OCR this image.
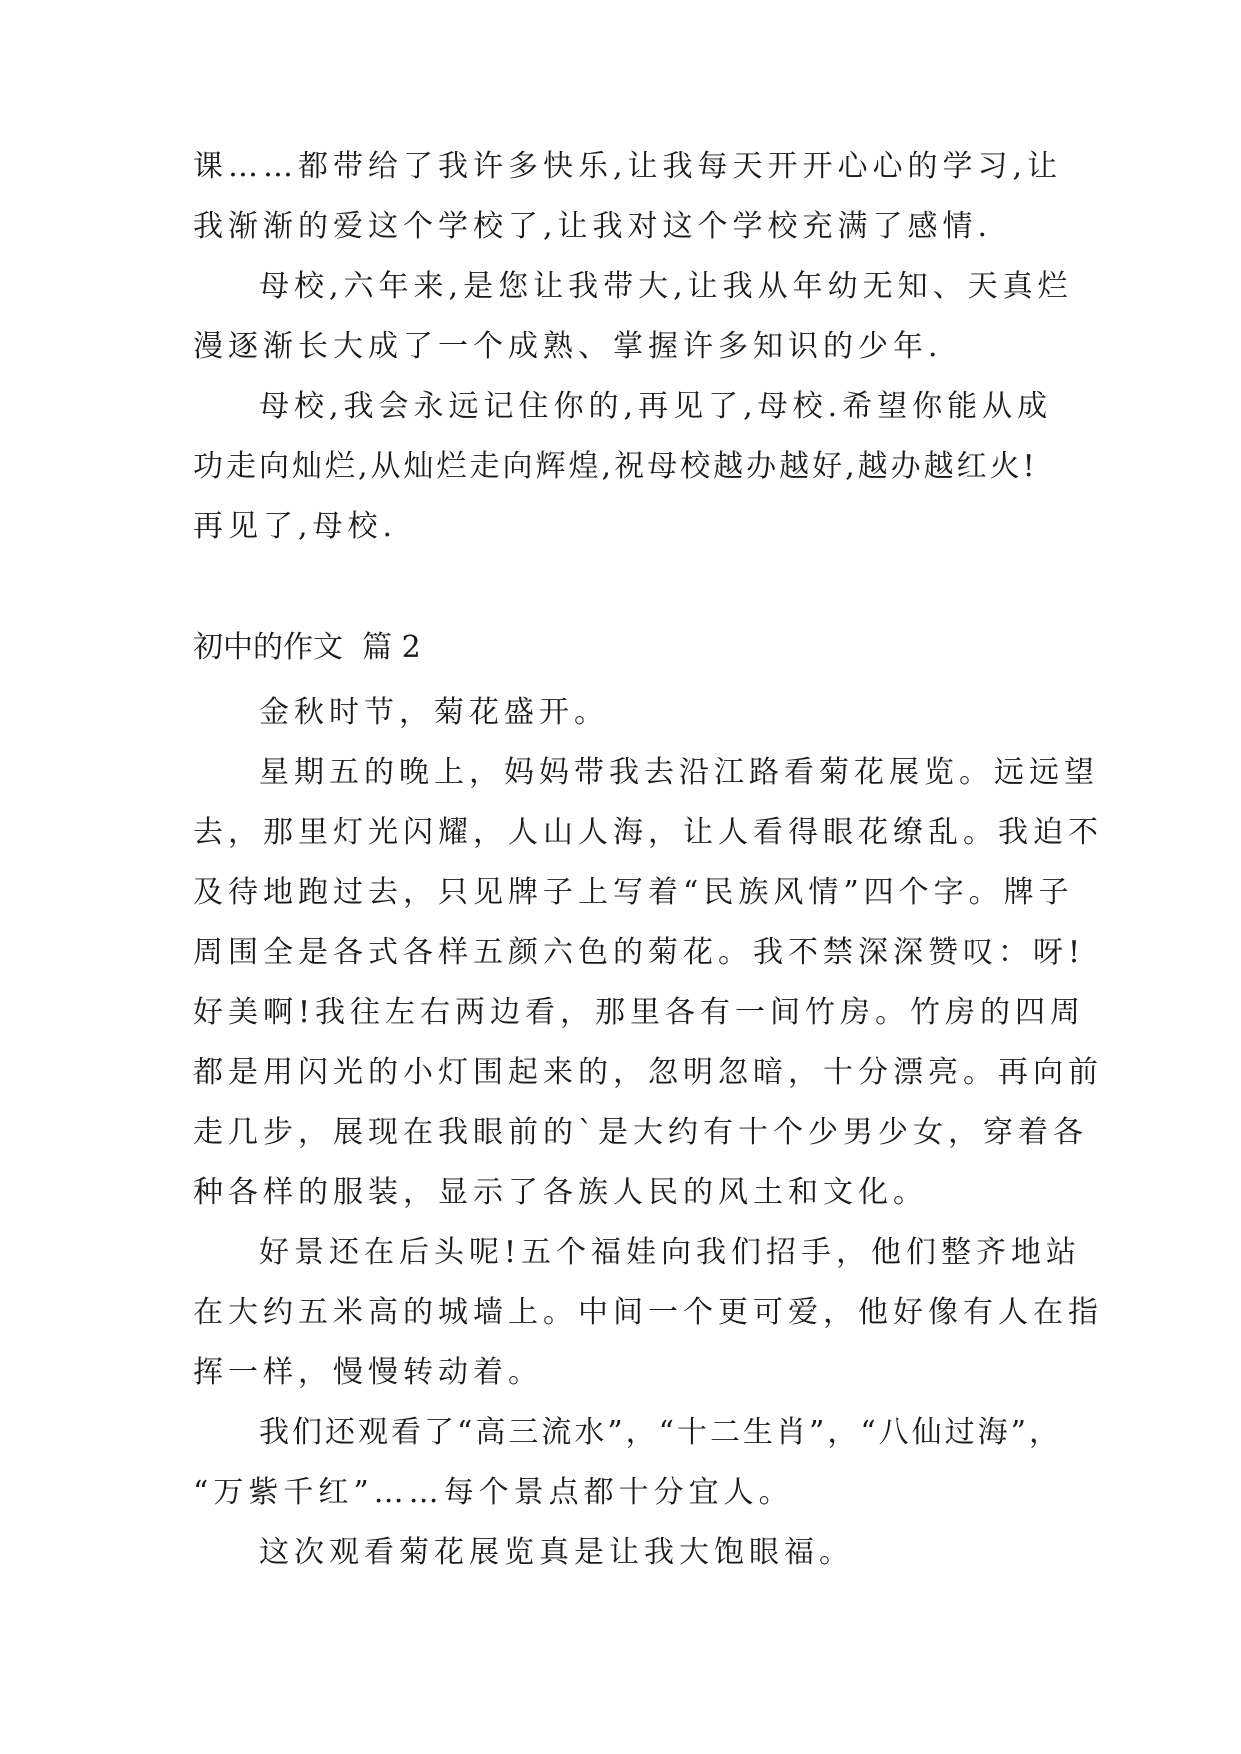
课……都带给了我许多快乐,让我每天开开心心的学习,让
我渐渐的爱这个学校了,让我对这个学校充满了感情.
母校,六年来,是您让我带大,让我从年幼无知、天真烂
漫逐渐长大成了一个成熟、掌握许多知识的少年.
母校,我会永远记住你的,再见了,母校.希望你能从成
功走向灿烂,从灿烂走向辉煌,祝母校越办越好,越办越红火!
再见了,母校.
初中的作文  篇 2
金秋时节，菊花盛开。
星期五的晚上，妈妈带我去沿江路看菊花展览。远远望
去，那里灯光闪耀，人山人海，让人看得眼花缭乱。我迫不
及待地跑过去，只见牌子上写着“民族风情”四个字。牌子
周围全是各式各样五颜六色的菊花。我不禁深深赞叹：呀!
好美啊!我往左右两边看，那里各有一间竹房。竹房的四周
都是用闪光的小灯围起来的，忽明忽暗，十分漂亮。再向前
走几步，展现在我眼前的`是大约有十个少男少女，穿着各
种各样的服装，显示了各族人民的风土和文化。
好景还在后头呢!五个福娃向我们招手，他们整齐地站
在大约五米高的城墙上。中间一个更可爱，他好像有人在指
挥一样，慢慢转动着。
我们还观看了“高三流水”，“十二生肖”，“八仙过海”，
“万紫千红”……每个景点都十分宜人。
这次观看菊花展览真是让我大饱眼福。
